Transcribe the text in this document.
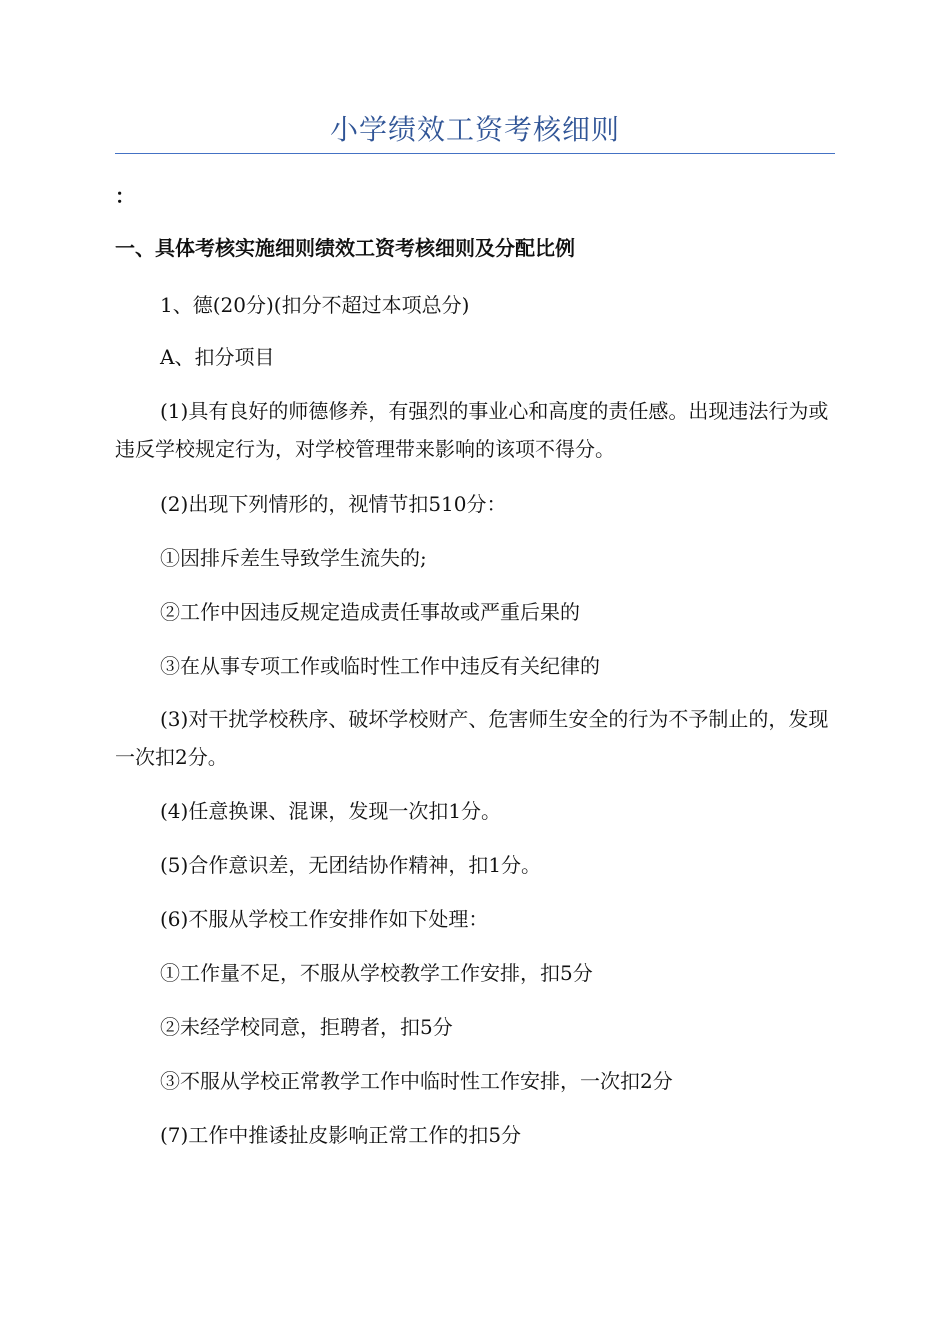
小学绩效工资考核细则
：
一、具体考核实施细则绩效工资考核细则及分配比例

1、德(20分)(扣分不超过本项总分)

A、扣分项目

(1)具有良好的师德修养，有强烈的事业心和高度的责任感。出现违法行为或违反学校规定行为，对学校管理带来影响的该项不得分。

(2)出现下列情形的，视情节扣510分：

①因排斥差生导致学生流失的;

②工作中因违反规定造成责任事故或严重后果的

③在从事专项工作或临时性工作中违反有关纪律的

(3)对干扰学校秩序、破坏学校财产、危害师生安全的行为不予制止的，发现一次扣2分。

(4)任意换课、混课，发现一次扣1分。

(5)合作意识差，无团结协作精神，扣1分。

(6)不服从学校工作安排作如下处理：

①工作量不足，不服从学校教学工作安排，扣5分

②未经学校同意，拒聘者，扣5分

③不服从学校正常教学工作中临时性工作安排，一次扣2分

(7)工作中推诿扯皮影响正常工作的扣5分
